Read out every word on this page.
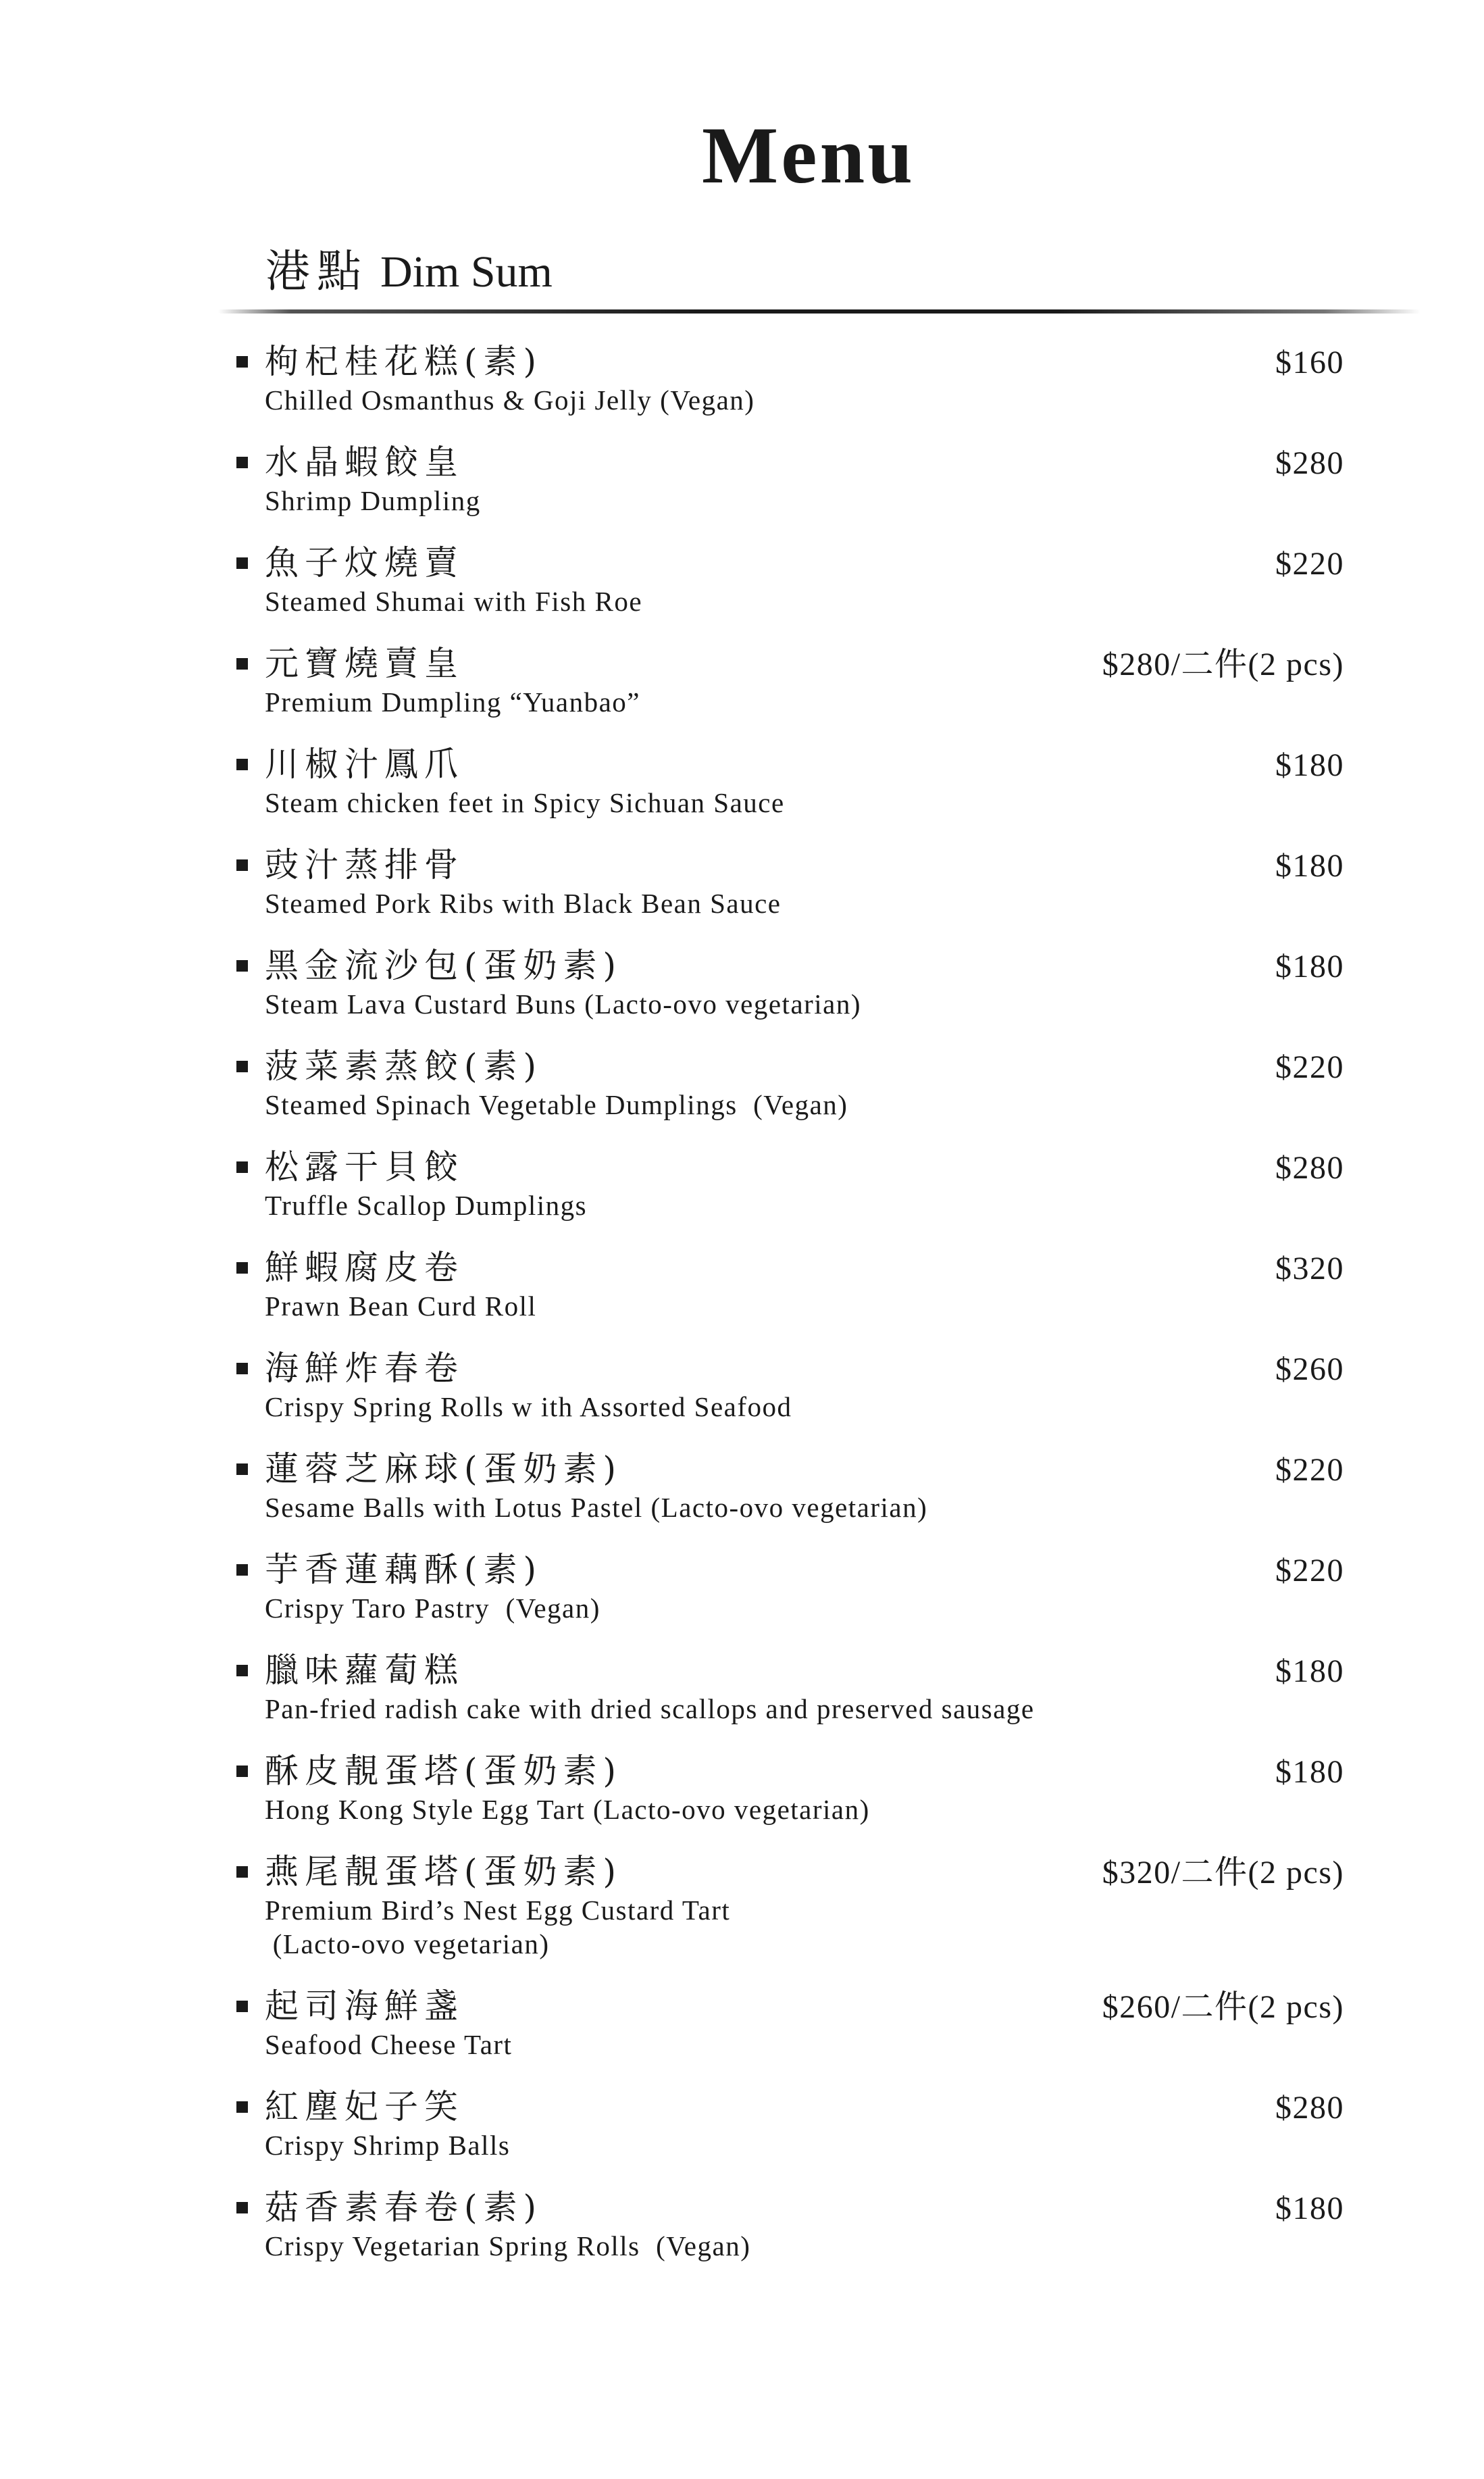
Menu
港點 Dim Sum
枸杞桂花糕(素)
Chilled Osmanthus & Goji Jelly (Vegan)
$160
水晶蝦餃皇
Shrimp Dumpling
$280
魚子炆燒賣
Steamed Shumai with Fish Roe
$220
元寶燒賣皇
Premium Dumpling “Yuanbao”
$280/二件(2 pcs)
川椒汁鳳爪
Steam chicken feet in Spicy Sichuan Sauce
$180
豉汁蒸排骨
Steamed Pork Ribs with Black Bean Sauce
$180
黑金流沙包(蛋奶素)
Steam Lava Custard Buns (Lacto-ovo vegetarian)
$180
菠菜素蒸餃(素)
Steamed Spinach Vegetable Dumplings  (Vegan)
$220
松露干貝餃
Truffle Scallop Dumplings
$280
鮮蝦腐皮卷
Prawn Bean Curd Roll
$320
海鮮炸春卷
Crispy Spring Rolls w ith Assorted Seafood
$260
蓮蓉芝麻球(蛋奶素)
Sesame Balls with Lotus Pastel (Lacto-ovo vegetarian)
$220
芋香蓮藕酥(素)
Crispy Taro Pastry  (Vegan)
$220
臘味蘿蔔糕
Pan-fried radish cake with dried scallops and preserved sausage
$180
酥皮靚蛋塔(蛋奶素)
Hong Kong Style Egg Tart (Lacto-ovo vegetarian)
$180
燕尾靚蛋塔(蛋奶素)
Premium Bird’s Nest Egg Custard Tart
(Lacto-ovo vegetarian)
$320/二件(2 pcs)
起司海鮮盞
Seafood Cheese Tart
$260/二件(2 pcs)
紅塵妃子笑
Crispy Shrimp Balls
$280
菇香素春卷(素)
Crispy Vegetarian Spring Rolls  (Vegan)
$180
